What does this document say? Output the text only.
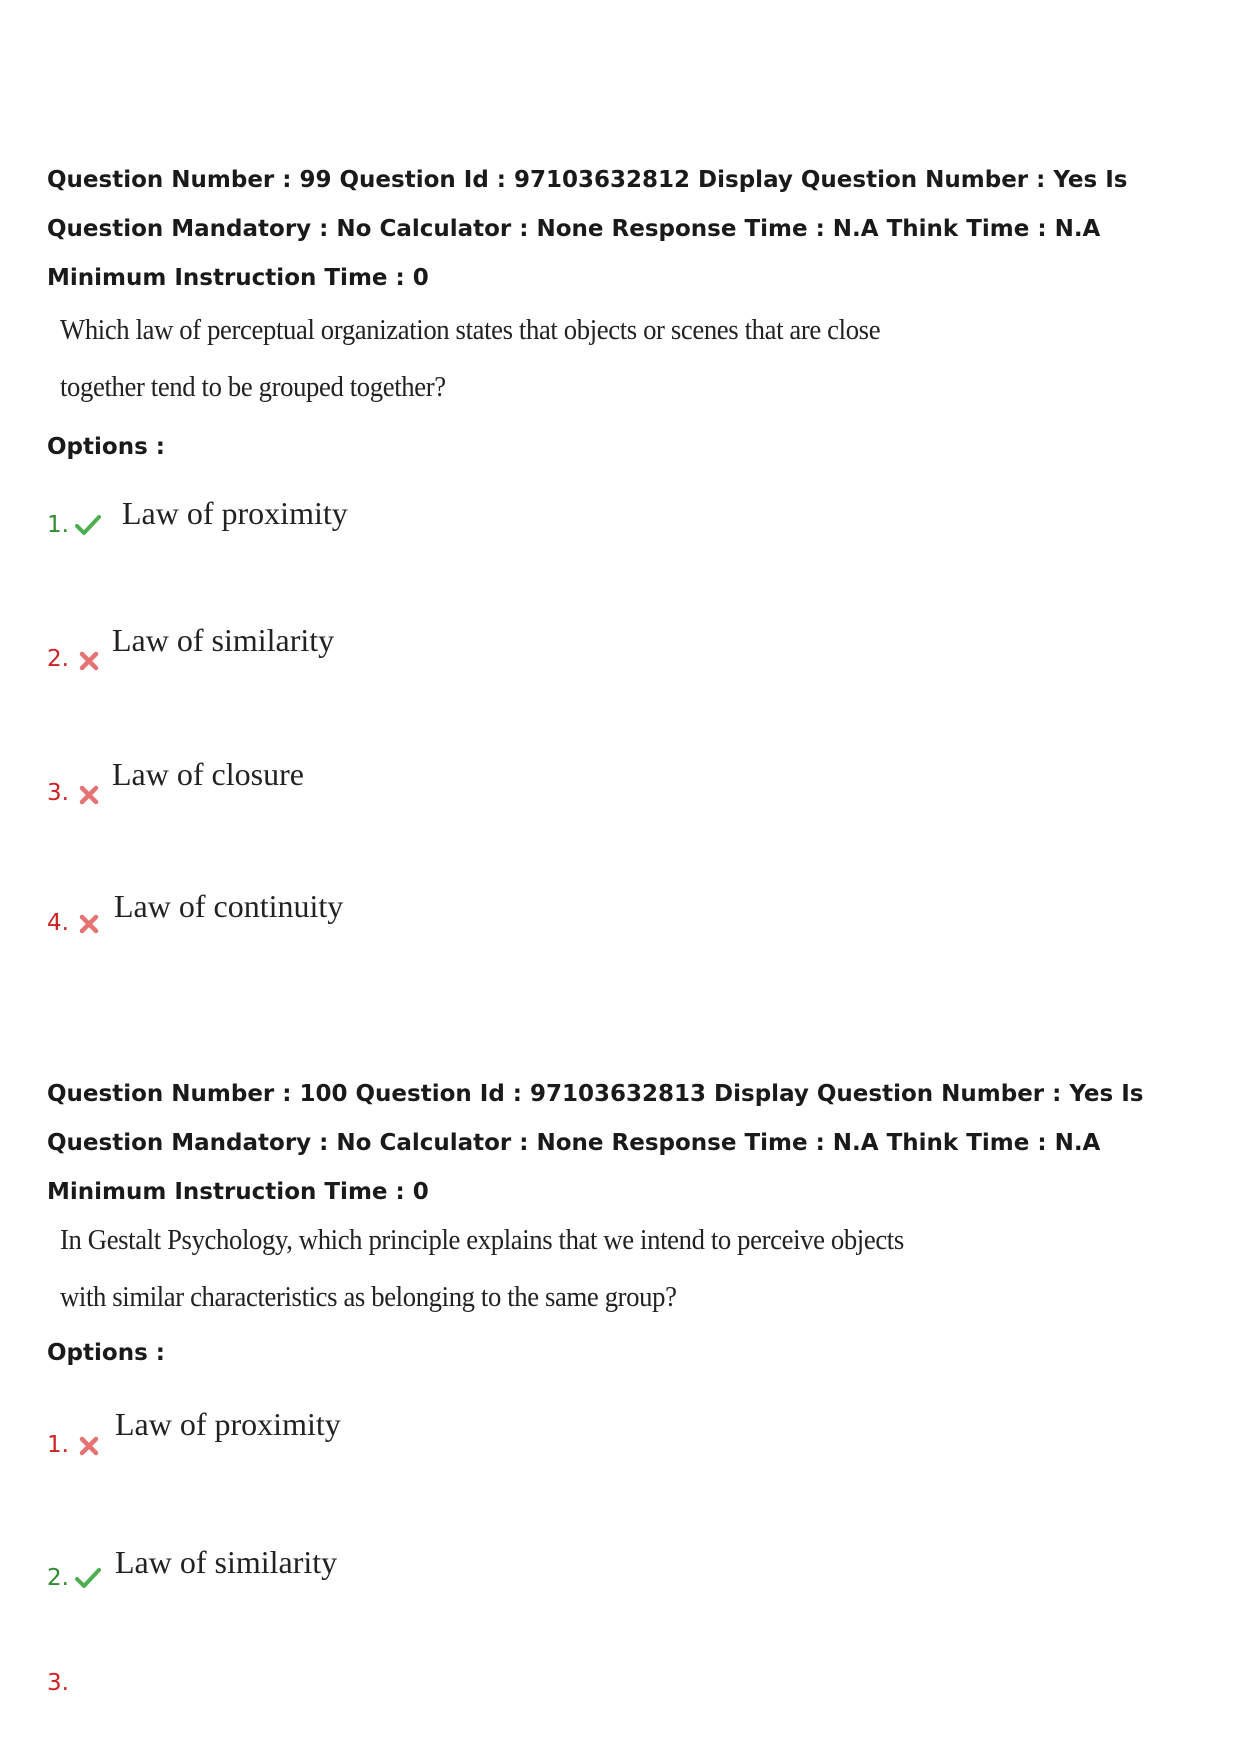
Question Number : 99 Question Id : 97103632812 Display Question Number : Yes Is Question Mandatory : No Calculator : None Response Time : N.A Think Time : N.A Minimum Instruction Time : 0

Which law of perceptual organization states that objects or scenes that are close
together tend to be grouped together?
Options :
1. Law of proximity
2.
Law of similarity
3.
Law of closure
4. Law of continuity

Question Number : 100 Question Id : 97103632813 Display Question Number : Yes Is Question Mandatory : No Calculator : None Response Time : N.A Think Time : N.A Minimum Instruction Time : 0

In Gestalt Psychology, which principle explains that we intend to perceive objects
with similar characteristics as belonging to the same group?
Options :
1.
Law of proximity
2. Law of similarity
3.
